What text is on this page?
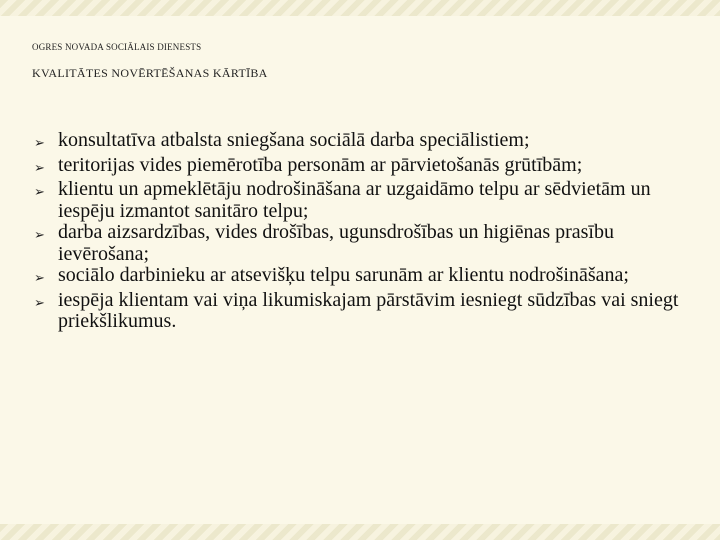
OGRES NOVADA SOCIĀLAIS DIENESTS
KVALITĀTES NOVĒRTĒŠANAS KĀRTĪBA
➢ konsultatīva atbalsta sniegšana sociālā darba speciālistiem;
➢ teritorijas vides piemērotība personām ar pārvietošanās grūtībām;
➢ klientu un apmeklētāju nodrošināšana ar uzgaidāmo telpu ar sēdvietām un iespēju izmantot sanitāro telpu;
➢ darba aizsardzības, vides drošības, ugunsdrošības un higiēnas prasību ievērošana;
➢ sociālo darbinieku ar atsevišķu telpu sarunām ar klientu nodrošināšana;
➢ iespēja klientam vai viņa likumiskajam pārstāvim iesniegt sūdzības vai sniegt priekšlikumus.
